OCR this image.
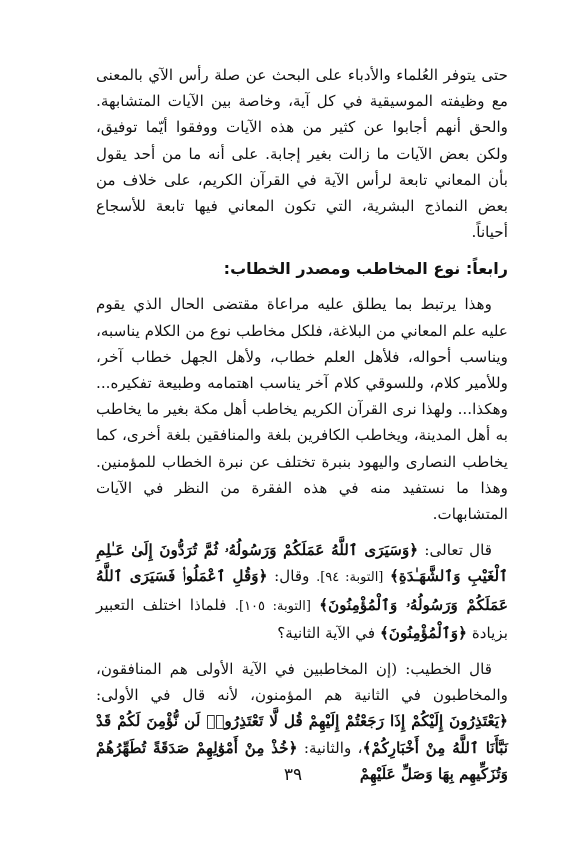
حتى يتوفر العُلماء والأدباء على البحث عن صلة رأس الآي بالمعنى مع وظيفته الموسيقية في كل آية، وخاصة بين الآيات المتشابهة. والحق أنهم أجابوا عن كثير من هذه الآيات ووفقوا أيّما توفيق، ولكن بعض الآيات ما زالت بغير إجابة. على أنه ما من أحد يقول بأن المعاني تابعة لرأس الآية في القرآن الكريم، على خلاف من بعض النماذج البشرية، التي تكون المعاني فيها تابعة للأسجاع أحياناً.

رابعاً: نوع المخاطب ومصدر الخطاب:

وهذا يرتبط بما يطلق عليه مراعاة مقتضى الحال الذي يقوم عليه علم المعاني من البلاغة، فلكل مخاطب نوع من الكلام يناسبه، ويناسب أحواله، فلأهل العلم خطاب، ولأهل الجهل خطاب آخر، وللأمير كلام، وللسوقي كلام آخر يناسب اهتمامه وطبيعة تفكيره... وهكذا... ولهذا نرى القرآن الكريم يخاطب أهل مكة بغير ما يخاطب به أهل المدينة، ويخاطب الكافرين بلغة والمنافقين بلغة أخرى، كما يخاطب النصارى واليهود بنبرة تختلف عن نبرة الخطاب للمؤمنين. وهذا ما نستفيد منه في هذه الفقرة من النظر في الآيات المتشابهات.

قال تعالى: ﴿وَسَيَرَى ٱللَّهُ عَمَلَكُمْ وَرَسُولُهُۥ ثُمَّ تُرَدُّونَ إِلَىٰ عَـٰلِمِ ٱلْغَيْبِ وَٱلشَّهَـٰدَةِ﴾ [التوبة: ٩٤]. وقال: ﴿وَقُلِ ٱعْمَلُوا۟ فَسَيَرَى ٱللَّهُ عَمَلَكُمْ وَرَسُولُهُۥ وَٱلْمُؤْمِنُونَ﴾ [التوبة: ١٠٥]. فلماذا اختلف التعبير بزيادة ﴿وَٱلْمُؤْمِنُونَ﴾ في الآية الثانية؟

قال الخطيب: (إن المخاطبين في الآية الأولى هم المنافقون، والمخاطبون في الثانية هم المؤمنون، لأنه قال في الأولى: ﴿يَعْتَذِرُونَ إِلَيْكُمْ إِذَا رَجَعْتُمْ إِلَيْهِمْ قُل لَّا تَعْتَذِرُوا۟ لَن نُّؤْمِنَ لَكُمْ قَدْ نَبَّأَنَا ٱللَّهُ مِنْ أَخْبَارِكُمْ﴾، والثانية: ﴿خُذْ مِنْ أَمْوَٰلِهِمْ صَدَقَةً تُطَهِّرُهُمْ وَتُزَكِّيهِم بِهَا وَصَلِّ عَلَيْهِمْ

٣٩
